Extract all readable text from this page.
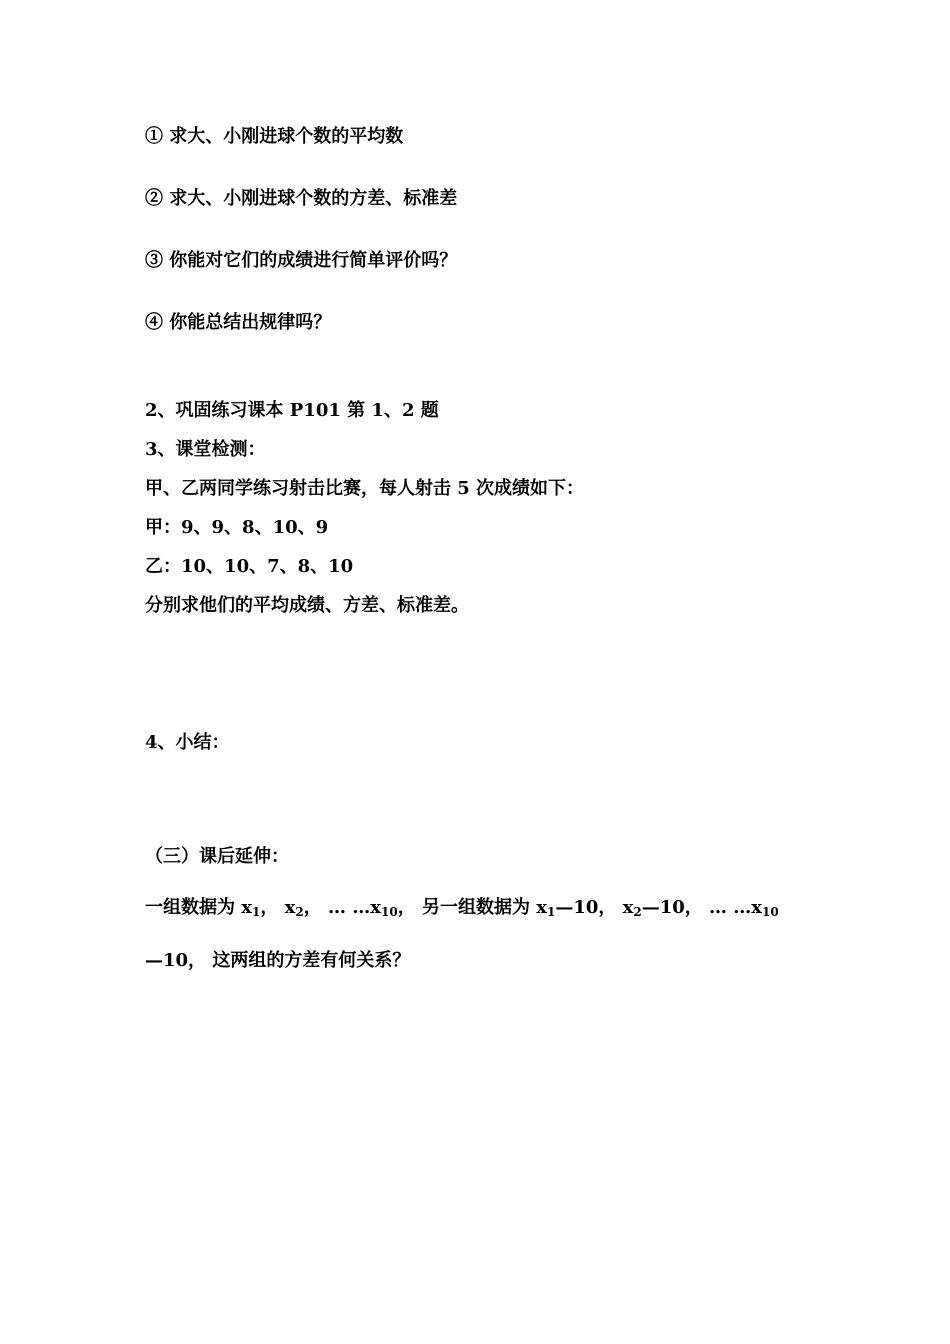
① 求大、小刚进球个数的平均数
② 求大、小刚进球个数的方差、标准差
③ 你能对它们的成绩进行简单评价吗？
④ 你能总结出规律吗？
2、巩固练习课本 P101 第 1、2 题
3、课堂检测：
甲、乙两同学练习射击比赛，每人射击 5 次成绩如下：
甲：9、9、8、10、9
乙：10、10、7、8、10
分别求他们的平均成绩、方差、标准差。
4、小结：
（三）课后延伸：
一组数据为 $x_1$， $x_2$， … $\dots x_{10}$， 另一组数据为 $x_1—10$， $x_2—10$， … $\dots x_{10}$
—10， 这两组的方差有何关系？
